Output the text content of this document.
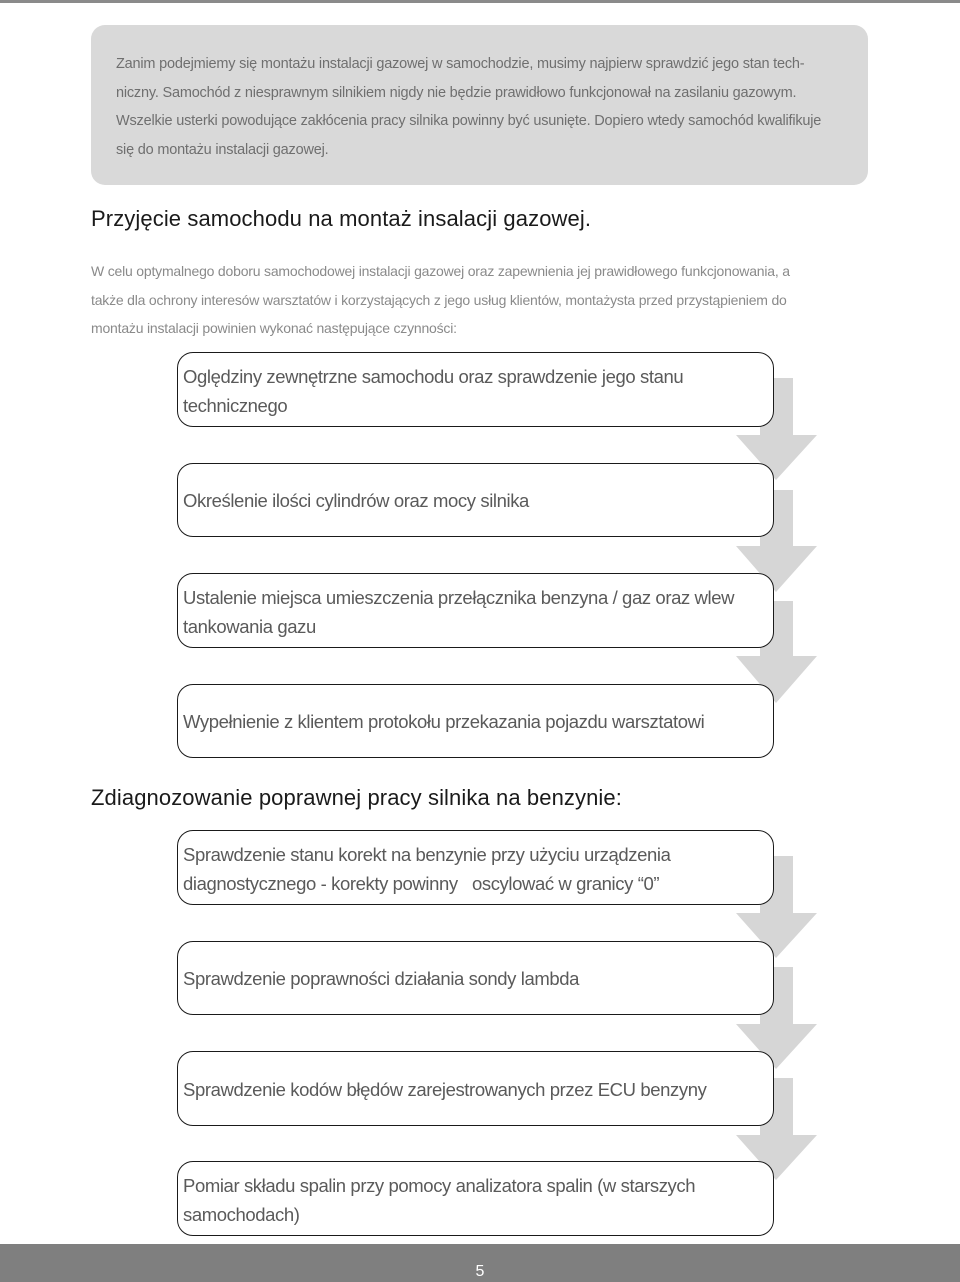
Zanim podejmiemy się montażu instalacji gazowej w samochodzie, musimy najpierw sprawdzić jego stan tech-
niczny. Samochód z niesprawnym silnikiem nigdy nie będzie prawidłowo funkcjonował na zasilaniu gazowym.
Wszelkie usterki powodujące zakłócenia pracy silnika powinny być usunięte. Dopiero wtedy samochód kwalifikuje
się do montażu instalacji gazowej.
Przyjęcie samochodu na montaż insalacji gazowej.
W celu optymalnego doboru samochodowej instalacji gazowej oraz zapewnienia jej prawidłowego funkcjonowania, a
także dla ochrony interesów warsztatów i korzystających z jego usług klientów, montażysta przed przystąpieniem do
montażu instalacji powinien wykonać następujące czynności:
Oględziny zewnętrzne samochodu oraz sprawdzenie jego stanu
technicznego
Określenie ilości cylindrów oraz mocy silnika
Ustalenie miejsca umieszczenia przełącznika benzyna / gaz oraz wlew
tankowania gazu
Wypełnienie z klientem protokołu przekazania pojazdu warsztatowi
Zdiagnozowanie poprawnej pracy silnika na benzynie:
Sprawdzenie stanu korekt na benzynie przy użyciu urządzenia
diagnostycznego - korekty powinny   oscylować w granicy “0”
Sprawdzenie poprawności działania sondy lambda
Sprawdzenie kodów błędów zarejestrowanych przez ECU benzyny
Pomiar składu spalin przy pomocy analizatora spalin (w starszych
samochodach)
5
